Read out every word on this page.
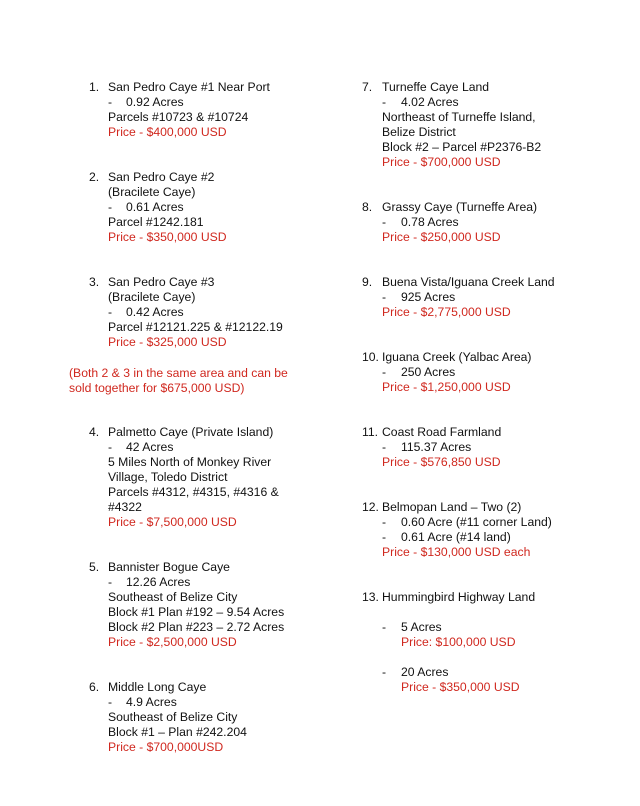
1. San Pedro Caye #1 Near Port
- 0.92 Acres
Parcels #10723 & #10724
Price - $400,000 USD
2. San Pedro Caye #2
(Bracilete Caye)
- 0.61 Acres
Parcel #1242.181
Price - $350,000 USD
3. San Pedro Caye #3
(Bracilete Caye)
- 0.42 Acres
Parcel #12121.225 & #12122.19
Price - $325,000 USD
(Both 2 & 3 in the same area and can be
sold together for $675,000 USD)
4. Palmetto Caye (Private Island)
- 42 Acres
5 Miles North of Monkey River
Village, Toledo District
Parcels #4312, #4315, #4316 &
#4322
Price - $7,500,000 USD
5. Bannister Bogue Caye
- 12.26 Acres
Southeast of Belize City
Block #1 Plan #192 – 9.54 Acres
Block #2 Plan #223 – 2.72 Acres
Price - $2,500,000 USD
6. Middle Long Caye
- 4.9 Acres
Southeast of Belize City
Block #1 – Plan #242.204
Price - $700,000USD
7. Turneffe Caye Land
- 4.02 Acres
Northeast of Turneffe Island,
Belize District
Block #2 – Parcel #P2376-B2
Price - $700,000 USD
8. Grassy Caye (Turneffe Area)
- 0.78 Acres
Price - $250,000 USD
9. Buena Vista/Iguana Creek Land
- 925 Acres
Price - $2,775,000 USD
10. Iguana Creek (Yalbac Area)
- 250 Acres
Price - $1,250,000 USD
11. Coast Road Farmland
- 115.37 Acres
Price - $576,850 USD
12. Belmopan Land – Two (2)
- 0.60 Acre (#11 corner Land)
- 0.61 Acre (#14 land)
Price - $130,000 USD each
13. Hummingbird Highway Land
- 5 Acres
Price: $100,000 USD
- 20 Acres
Price - $350,000 USD
